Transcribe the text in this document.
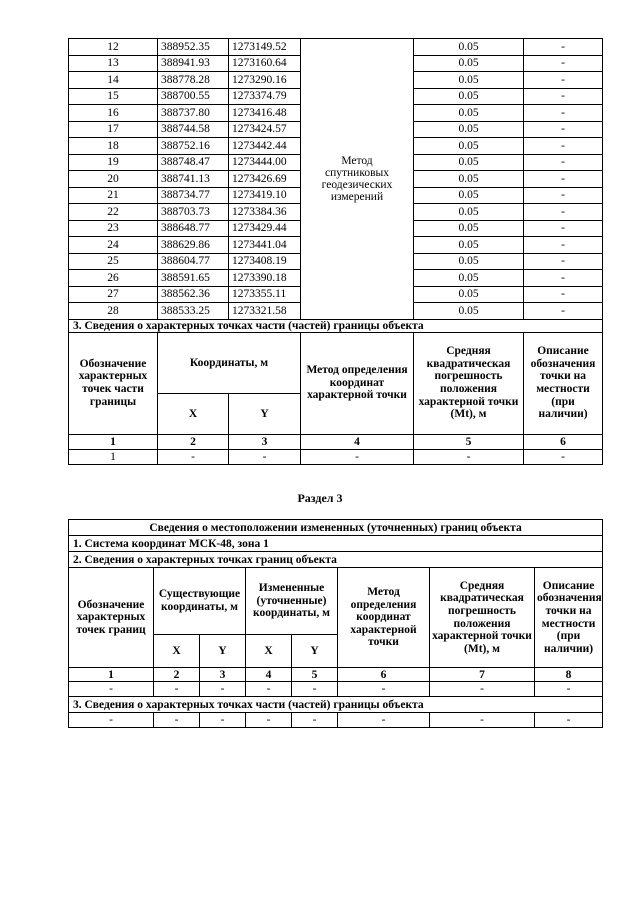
12	388952.35	1273149.52	Метод спутниковых геодезических измерений	0.05	-
13	388941.93	1273160.64		0.05	-
14	388778.28	1273290.16		0.05	-
15	388700.55	1273374.79		0.05	-
16	388737.80	1273416.48		0.05	-
17	388744.58	1273424.57		0.05	-
18	388752.16	1273442.44		0.05	-
19	388748.47	1273444.00		0.05	-
20	388741.13	1273426.69		0.05	-
21	388734.77	1273419.10		0.05	-
22	388703.73	1273384.36		0.05	-
23	388648.77	1273429.44		0.05	-
24	388629.86	1273441.04		0.05	-
25	388604.77	1273408.19		0.05	-
26	388591.65	1273390.18		0.05	-
27	388562.36	1273355.11		0.05	-
28	388533.25	1273321.58		0.05	-
3. Сведения о характерных точках части (частей) границы объекта					
Обозначение характерных точек части границы	Координаты, м		Метод определения координат характерной точки	Средняя квадратическая погрешность положения характерной точки (Mt), м	Описание обозначения точки на местности (при наличии)
	X	Y			
1	2	3	4	5	6
1	-	-	-	-	-
Раздел 3
Сведения о местоположении измененных (уточненных) границ объекта							
1. Система координат МСК-48, зона 1							
2. Сведения о характерных точках границ объекта							
Обозначение характерных точек границ	Существующие координаты, м		Измененные (уточненные) координаты, м		Метод определения координат характерной точки	Средняя квадратическая погрешность положения характерной точки (Mt), м	Описание обозначения точки на местности (при наличии)
	X	Y	X	Y			
1	2	3	4	5	6	7	8
-	-	-	-	-	-	-	-
3. Сведения о характерных точках части (частей) границы объекта							
-	-	-	-	-	-	-	-
